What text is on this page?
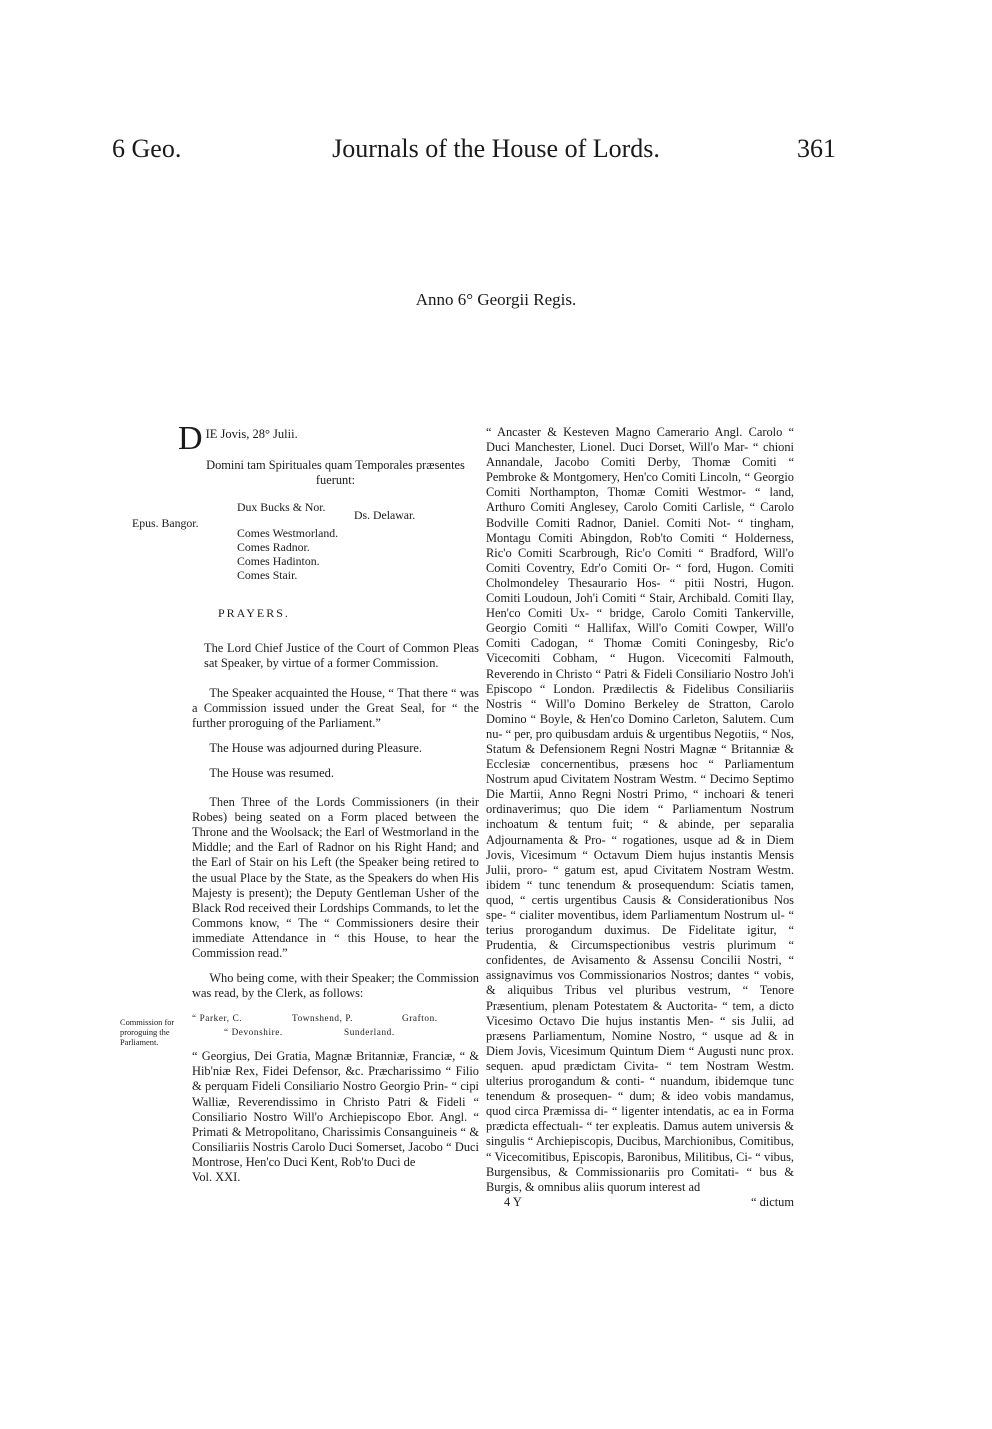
6 Geo.	Journals of the House of Lords.	361
Anno 6° Georgii Regis.
D IE Jovis, 28° Julii.

Domini tam Spirituales quam Temporales præsentes fuerunt:

Epus. Bangor.
Dux Bucks & Nor.
Ds. Delawar.
Comes Westmorland.
Comes Radnor.
Comes Hadinton.
Comes Stair.

PRAYERS.

The Lord Chief Justice of the Court of Common Pleas sat Speaker, by virtue of a former Commission.

The Speaker acquainted the House, “ That there “ was a Commission issued under the Great Seal, for “ the further proroguing of the Parliament.”

The House was adjourned during Pleasure.

The House was resumed.

Then Three of the Lords Commissioners (in their Robes) being seated on a Form placed between the Throne and the Woolsack; the Earl of Westmorland in the Middle; and the Earl of Radnor on his Right Hand; and the Earl of Stair on his Left (the Speaker being retired to the usual Place by the State, as the Speakers do when His Majesty is present); the Deputy Gentleman Usher of the Black Rod received their Lordships Commands, to let the Commons know, “ The “ Commissioners desire their immediate Attendance in “ this House, to hear the Commission read.”

Who being come, with their Speaker; the Commission was read, by the Clerk, as follows:

“ Parker, C.	Townshend, P.	Grafton.
“ Devonshire.	Sunderland.

“ Georgius, Dei Gratia, Magnæ Britanniæ, Franciæ, “ & Hib'niæ Rex, Fidei Defensor, &c. Præcharissimo “ Filio & perquam Fideli Consiliario Nostro Georgio Prin- “ cipi Walliæ, Reverendissimo in Christo Patri & Fideli “ Consiliario Nostro Will'o Archiepiscopo Ebor. Angl. “ Primati & Metropolitano, Charissimis Consanguineis “ & Consiliariis Nostris Carolo Duci Somerset, Jacobo “ Duci Montrose, Hen'co Duci Kent, Rob'to Duci de

Vol. XXI.

Commission for proroguing the Parliament.

“ Ancaster & Kesteven Magno Camerario Angl. Carolo “ Duci Manchester, Lionel. Duci Dorset, Will'o Mar- “ chioni Annandale, Jacobo Comiti Derby, Thomæ Comiti “ Pembroke & Montgomery, Hen'co Comiti Lincoln, “ Georgio Comiti Northampton, Thomæ Comiti Westmor- “ land, Arthuro Comiti Anglesey, Carolo Comiti Carlisle, “ Carolo Bodville Comiti Radnor, Daniel. Comiti Not- “ tingham, Montagu Comiti Abingdon, Rob'to Comiti “ Holderness, Ric'o Comiti Scarbrough, Ric'o Comiti “ Bradford, Will'o Comiti Coventry, Edr'o Comiti Or- “ ford, Hugon. Comiti Cholmondeley Thesaurario Hos- “ pitii Nostri, Hugon. Comiti Loudoun, Joh'i Comiti “ Stair, Archibald. Comiti Ilay, Hen'co Comiti Ux- “ bridge, Carolo Comiti Tankerville, Georgio Comiti “ Hallifax, Will'o Comiti Cowper, Will'o Comiti Cadogan, “ Thomæ Comiti Coningesby, Ric'o Vicecomiti Cobham, “ Hugon. Vicecomiti Falmouth, Reverendo in Christo “ Patri & Fideli Consiliario Nostro Joh'i Episcopo “ London. Prædilectis & Fidelibus Consiliariis Nostris “ Will'o Domino Berkeley de Stratton, Carolo Domino “ Boyle, & Hen'co Domino Carleton, Salutem. Cum nu- “ per, pro quibusdam arduis & urgentibus Negotiis, “ Nos, Statum & Defensionem Regni Nostri Magnæ “ Britanniæ & Ecclesiæ concernentibus, præsens hoc “ Parliamentum Nostrum apud Civitatem Nostram Westm. “ Decimo Septimo Die Martii, Anno Regni Nostri Primo, “ inchoari & teneri ordinaverimus; quo Die idem “ Parliamentum Nostrum inchoatum & tentum fuit; “ & abinde, per separalia Adjournamenta & Pro- “ rogationes, usque ad & in Diem Jovis, Vicesimum “ Octavum Diem hujus instantis Mensis Julii, proro- “ gatum est, apud Civitatem Nostram Westm. ibidem “ tunc tenendum & prosequendum: Sciatis tamen, quod, “ certis urgentibus Causis & Considerationibus Nos spe- “ cialiter moventibus, idem Parliamentum Nostrum ul- “ terius prorogandum duximus. De Fidelitate igitur, “ Prudentia, & Circumspectionibus vestris plurimum “ confidentes, de Avisamento & Assensu Concilii Nostri, “ assignavimus vos Commissionarios Nostros; dantes “ vobis, & aliquibus Tribus vel pluribus vestrum, “ Tenore Præsentium, plenam Potestatem & Auctorita- “ tem, a dicto Vicesimo Octavo Die hujus instantis Men- “ sis Julii, ad præsens Parliamentum, Nomine Nostro, “ usque ad & in Diem Jovis, Vicesimum Quintum Diem “ Augusti nunc prox. sequen. apud prædictam Civita- “ tem Nostram Westm. ulterius prorogandum & conti- “ nuandum, ibidemque tunc tenendum & prosequen- “ dum; & ideo vobis mandamus, quod circa Præmissa di- “ ligenter intendatis, ac ea in Forma prædicta effectualı- “ ter expleatis. Damus autem universis & singulis “ Archiepiscopis, Ducibus, Marchionibus, Comitibus, “ Vicecomitibus, Episcopis, Baronibus, Militibus, Ci- “ vibus, Burgensibus, & Commissionariis pro Comitati- “ bus & Burgis, & omnibus aliis quorum interest ad

4 Y	“ dictum
